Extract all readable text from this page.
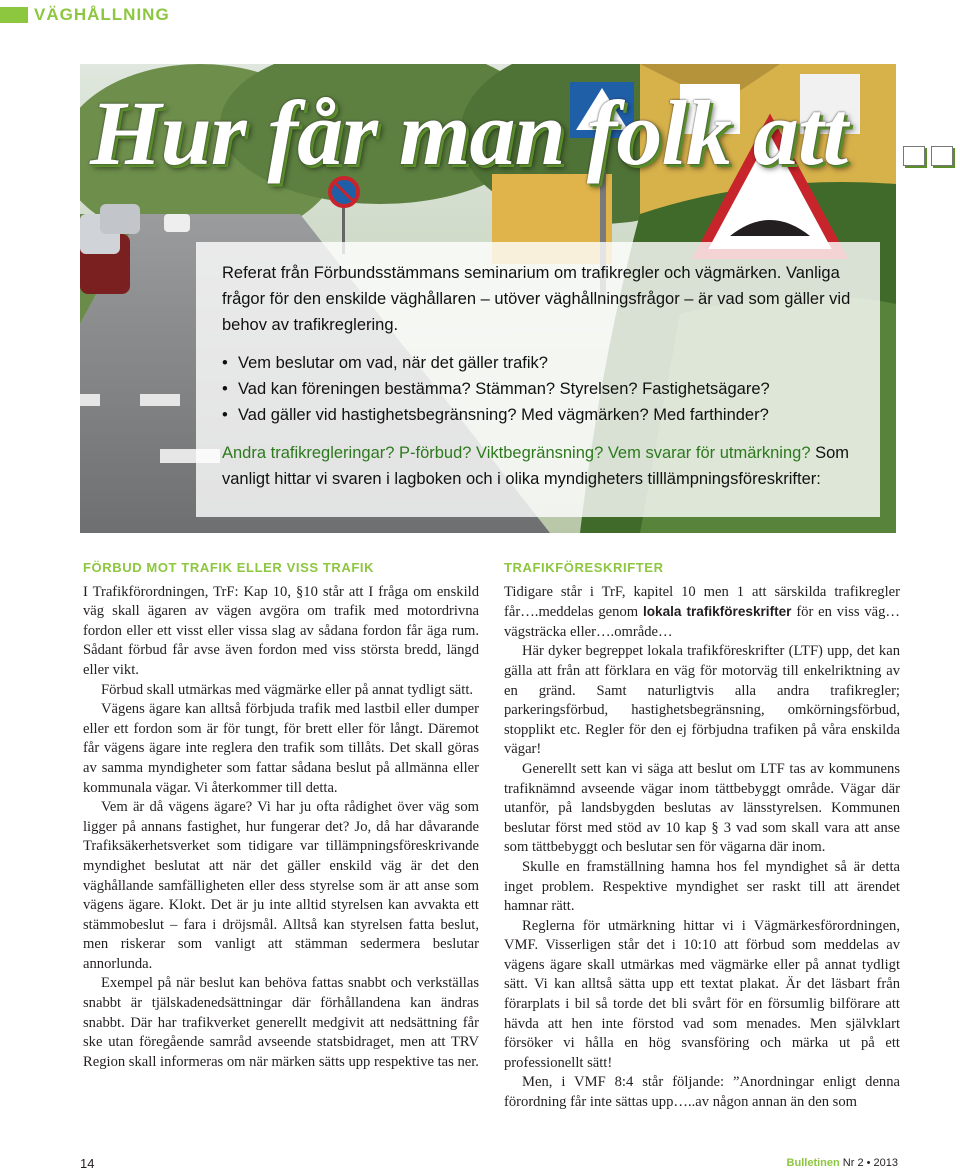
VÄGHÅLLNING
Hur får man folk att

Referat från Förbundsstämmans seminarium om trafikregler och vägmärken. Vanliga frågor för den enskilde väghållaren – utöver väghållningsfrågor – är vad som gäller vid behov av trafikreglering.

• Vem beslutar om vad, när det gäller trafik?
• Vad kan föreningen bestämma? Stämman? Styrelsen? Fastighetsägare?
• Vad gäller vid hastighetsbegränsning? Med vägmärken? Med farthinder?

Andra trafikregleringar? P-förbud? Viktbegränsning? Vem svarar för utmärkning? Som vanligt hittar vi svaren i lagboken och i olika myndigheters tilllämpningsföreskrifter:

FÖRBUD MOT TRAFIK ELLER VISS TRAFIK

I Trafikförordningen, TrF: Kap 10, §10 står att I fråga om enskild väg skall ägaren av vägen avgöra om trafik med motordrivna fordon eller ett visst eller vissa slag av sådana fordon får äga rum. Sådant förbud får avse även fordon med viss största bredd, längd eller vikt.

Förbud skall utmärkas med vägmärke eller på annat tydligt sätt.

Vägens ägare kan alltså förbjuda trafik med lastbil eller dumper eller ett fordon som är för tungt, för brett eller för långt. Däremot får vägens ägare inte reglera den trafik som tillåts. Det skall göras av samma myndigheter som fattar sådana beslut på allmänna eller kommunala vägar. Vi återkommer till detta.

Vem är då vägens ägare? Vi har ju ofta rådighet över väg som ligger på annans fastighet, hur fungerar det? Jo, då har dåvarande Trafiksäkerhetsverket som tidigare var tillämpningsföreskrivande myndighet beslutat att när det gäller enskild väg är det den väghållande samfälligheten eller dess styrelse som är att anse som vägens ägare. Klokt. Det är ju inte alltid styrelsen kan avvakta ett stämmobeslut – fara i dröjsmål. Alltså kan styrelsen fatta beslut, men riskerar som vanligt att stämman sedermera beslutar annorlunda.

Exempel på när beslut kan behöva fattas snabbt och verkställas snabbt är tjälskadenedsättningar där förhållandena kan ändras snabbt. Där har trafikverket generellt medgivit att nedsättning får ske utan föregående samråd avseende statsbidraget, men att TRV Region skall informeras om när märken sätts upp respektive tas ner.

TRAFIKFÖRESKRIFTER

Tidigare står i TrF, kapitel 10 men 1 att särskilda trafikregler får….meddelas genom lokala trafikföreskrifter för en viss väg…vägsträcka eller….område…

Här dyker begreppet lokala trafikföreskrifter (LTF) upp, det kan gälla att från att förklara en väg för motorväg till enkelriktning av en gränd. Samt naturligtvis alla andra trafikregler; parkeringsförbud, hastighetsbegränsning, omkörningsförbud, stopplikt etc. Regler för den ej förbjudna trafiken på våra enskilda vägar!

Generellt sett kan vi säga att beslut om LTF tas av kommunens trafiknämnd avseende vägar inom tättbebyggt område. Vägar där utanför, på landsbygden beslutas av länsstyrelsen. Kommunen beslutar först med stöd av 10 kap § 3 vad som skall vara att anse som tättbebyggt och beslutar sen för vägarna där inom.

Skulle en framställning hamna hos fel myndighet så är detta inget problem. Respektive myndighet ser raskt till att ärendet hamnar rätt.

Reglerna för utmärkning hittar vi i Vägmärkesförordningen, VMF. Visserligen står det i 10:10 att förbud som meddelas av vägens ägare skall utmärkas med vägmärke eller på annat tydligt sätt. Vi kan alltså sätta upp ett textat plakat. Är det läsbart från förarplats i bil så torde det bli svårt för en försumlig bilförare att hävda att hen inte förstod vad som menades. Men självklart försöker vi hålla en hög svansföring och märka ut på ett professionellt sätt!

Men, i VMF 8:4 står följande: ”Anordningar enligt denna förordning får inte sättas upp…..av någon annan än den som

14	Bulletinen Nr 2 • 2013
